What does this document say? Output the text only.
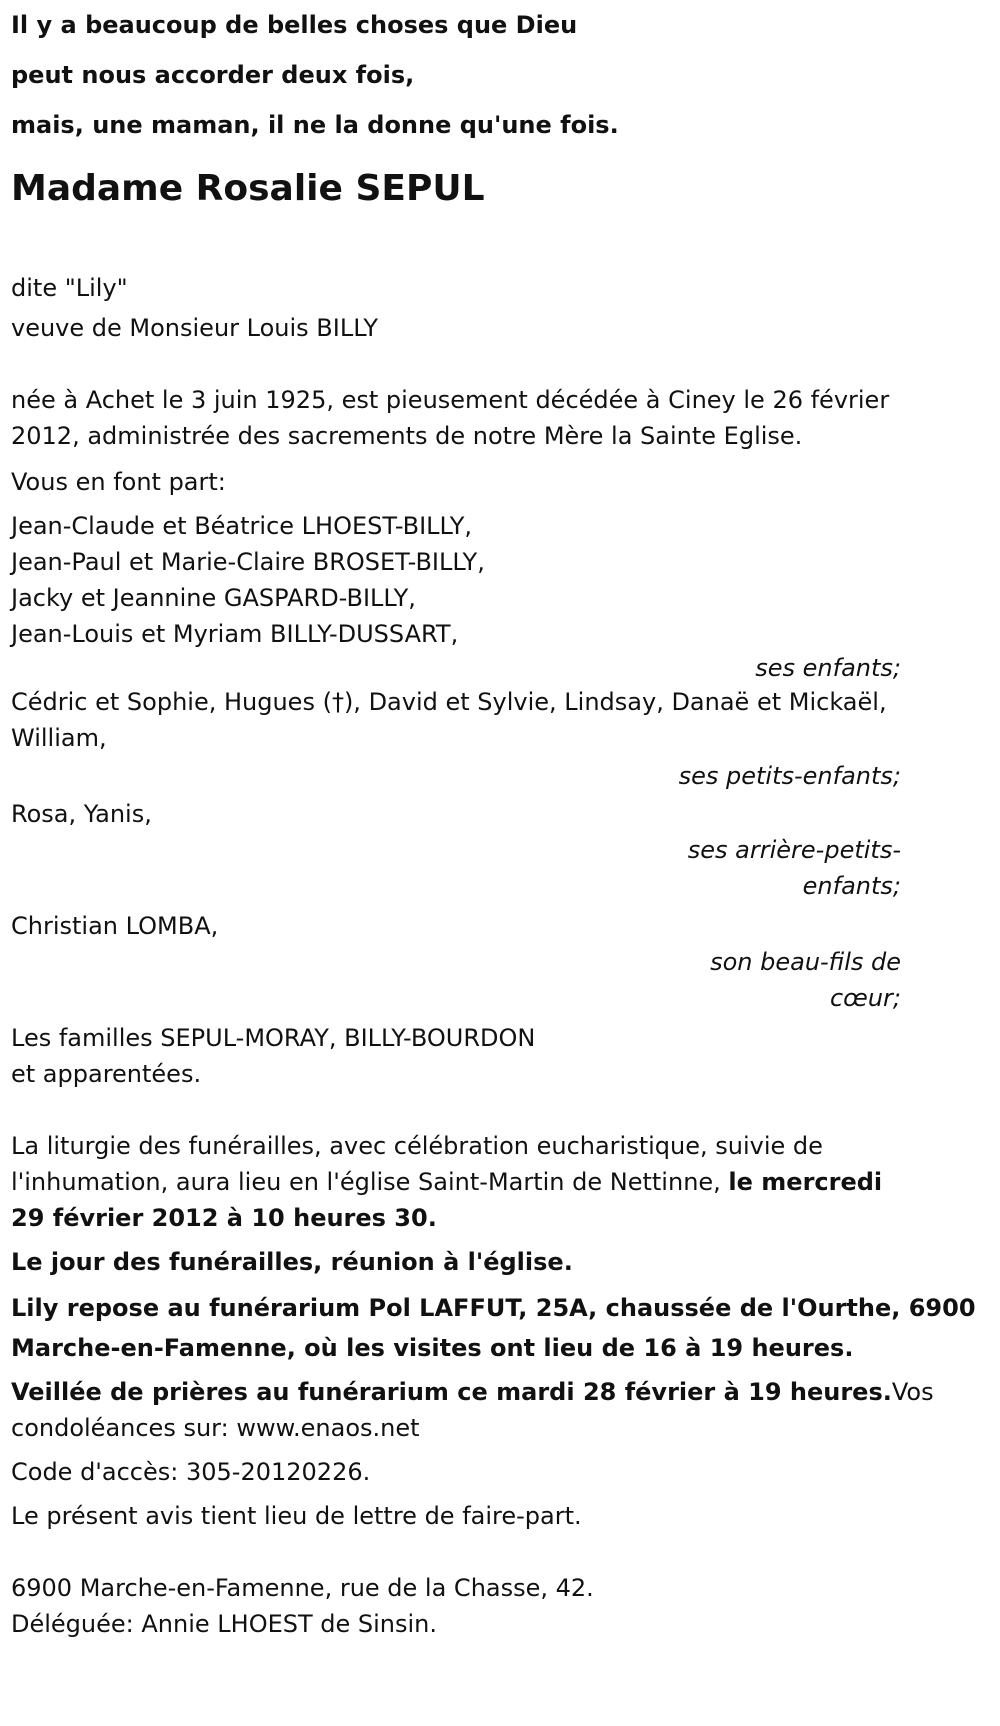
Il y a beaucoup de belles choses que Dieu
peut nous accorder deux fois,
mais, une maman, il ne la donne qu'une fois.
Madame Rosalie SEPUL
dite "Lily"
veuve de Monsieur Louis BILLY
née à Achet le 3 juin 1925, est pieusement décédée à Ciney le 26 février 2012, administrée des sacrements de notre Mère la Sainte Eglise.
Vous en font part:
Jean-Claude et Béatrice LHOEST-BILLY,
Jean-Paul et Marie-Claire BROSET-BILLY,
Jacky et Jeannine GASPARD-BILLY,
Jean-Louis et Myriam BILLY-DUSSART,
ses enfants;
Cédric et Sophie, Hugues (†), David et Sylvie, Lindsay, Danaë et Mickaël,
William,
ses petits-enfants;
Rosa, Yanis,
ses arrière-petits-
enfants;
Christian LOMBA,
son beau-fils de
cœur;
Les familles SEPUL-MORAY, BILLY-BOURDON
et apparentées.
La liturgie des funérailles, avec célébration eucharistique, suivie de
l'inhumation, aura lieu en l'église Saint-Martin de Nettinne, le mercredi
29 février 2012 à 10 heures 30.
Le jour des funérailles, réunion à l'église.
Lily repose au funérarium Pol LAFFUT, 25A, chaussée de l'Ourthe, 6900
Marche-en-Famenne, où les visites ont lieu de 16 à 19 heures.
Veillée de prières au funérarium ce mardi 28 février à 19 heures.Vos
condoléances sur: www.enaos.net
Code d'accès: 305-20120226.
Le présent avis tient lieu de lettre de faire-part.
6900 Marche-en-Famenne, rue de la Chasse, 42.
Déléguée: Annie LHOEST de Sinsin.
